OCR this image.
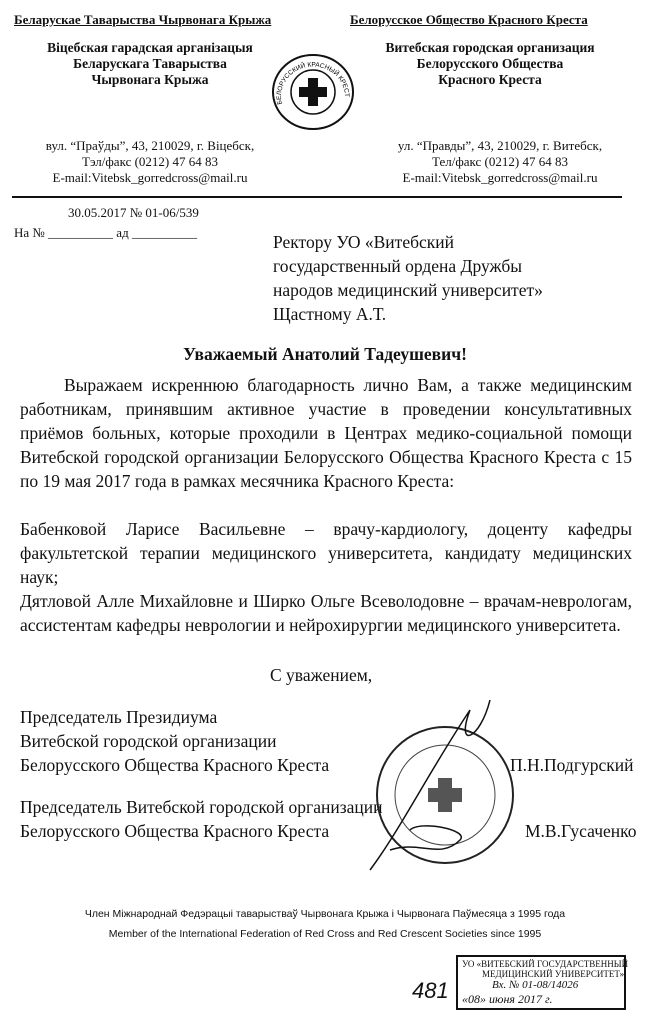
Беларускае Таварыства Чырвонага Крыжа	Белорусское Общество Красного Креста
Віцебская гарадская арганізацыя
Беларускага Таварыства
Чырвонага Крыжа
Витебская городская организация
Белорусского Общества
Красного Креста
БЕЛОРУССКИЙ КРАСНЫЙ КРЕСТ
вул. “Праўды”, 43, 210029, г. Віцебск,
Тэл/факс (0212) 47 64 83
E-mail:Vitebsk_gorredcross@mail.ru
ул. “Правды”, 43, 210029, г. Витебск,
Тел/факс (0212) 47 64 83
E-mail:Vitebsk_gorredcross@mail.ru
30.05.2017 № 01-06/539
На № __________ ад __________	Ректору УО «Витебский
государственный ордена Дружбы
народов медицинский университет»
Щастному А.Т.
Уважаемый Анатолий Тадеушевич!
Выражаем искреннюю благодарность лично Вам, а также медицинским работникам, принявшим активное участие в проведении консультативных приёмов больных, которые проходили в Центрах медико-социальной помощи Витебской городской организации Белорусского Общества Красного Креста с 15 по 19 мая 2017 года в рамках месячника Красного Креста:
Бабенковой Ларисе Васильевне – врачу-кардиологу, доценту кафедры факультетской терапии медицинского университета, кандидату медицинских наук;
Дятловой Алле Михайловне и Ширко Ольге Всеволодовне – врачам-неврологам, ассистентам кафедры неврологии и нейрохирургии медицинского университета.
С уважением,
Председатель Президиума
Витебской городской организации
Белорусского Общества Красного Креста	П.Н.Подгурский
Председатель Витебской городской организации
Белорусского Общества Красного Креста	М.В.Гусаченко
Член Міжнароднай Федэрацыі таварыстваў Чырвонага Крыжа і Чырвонага Паўмесяца з 1995 года
Member of the International Federation of Red Cross and Red Crescent Societies since 1995
481
УО «ВИТЕБСКИЙ ГОСУДАРСТВЕННЫЙ
МЕДИЦИНСКИЙ УНИВЕРСИТЕТ»
Вх. № 01-08/14026
«08» июня 2017 г.
